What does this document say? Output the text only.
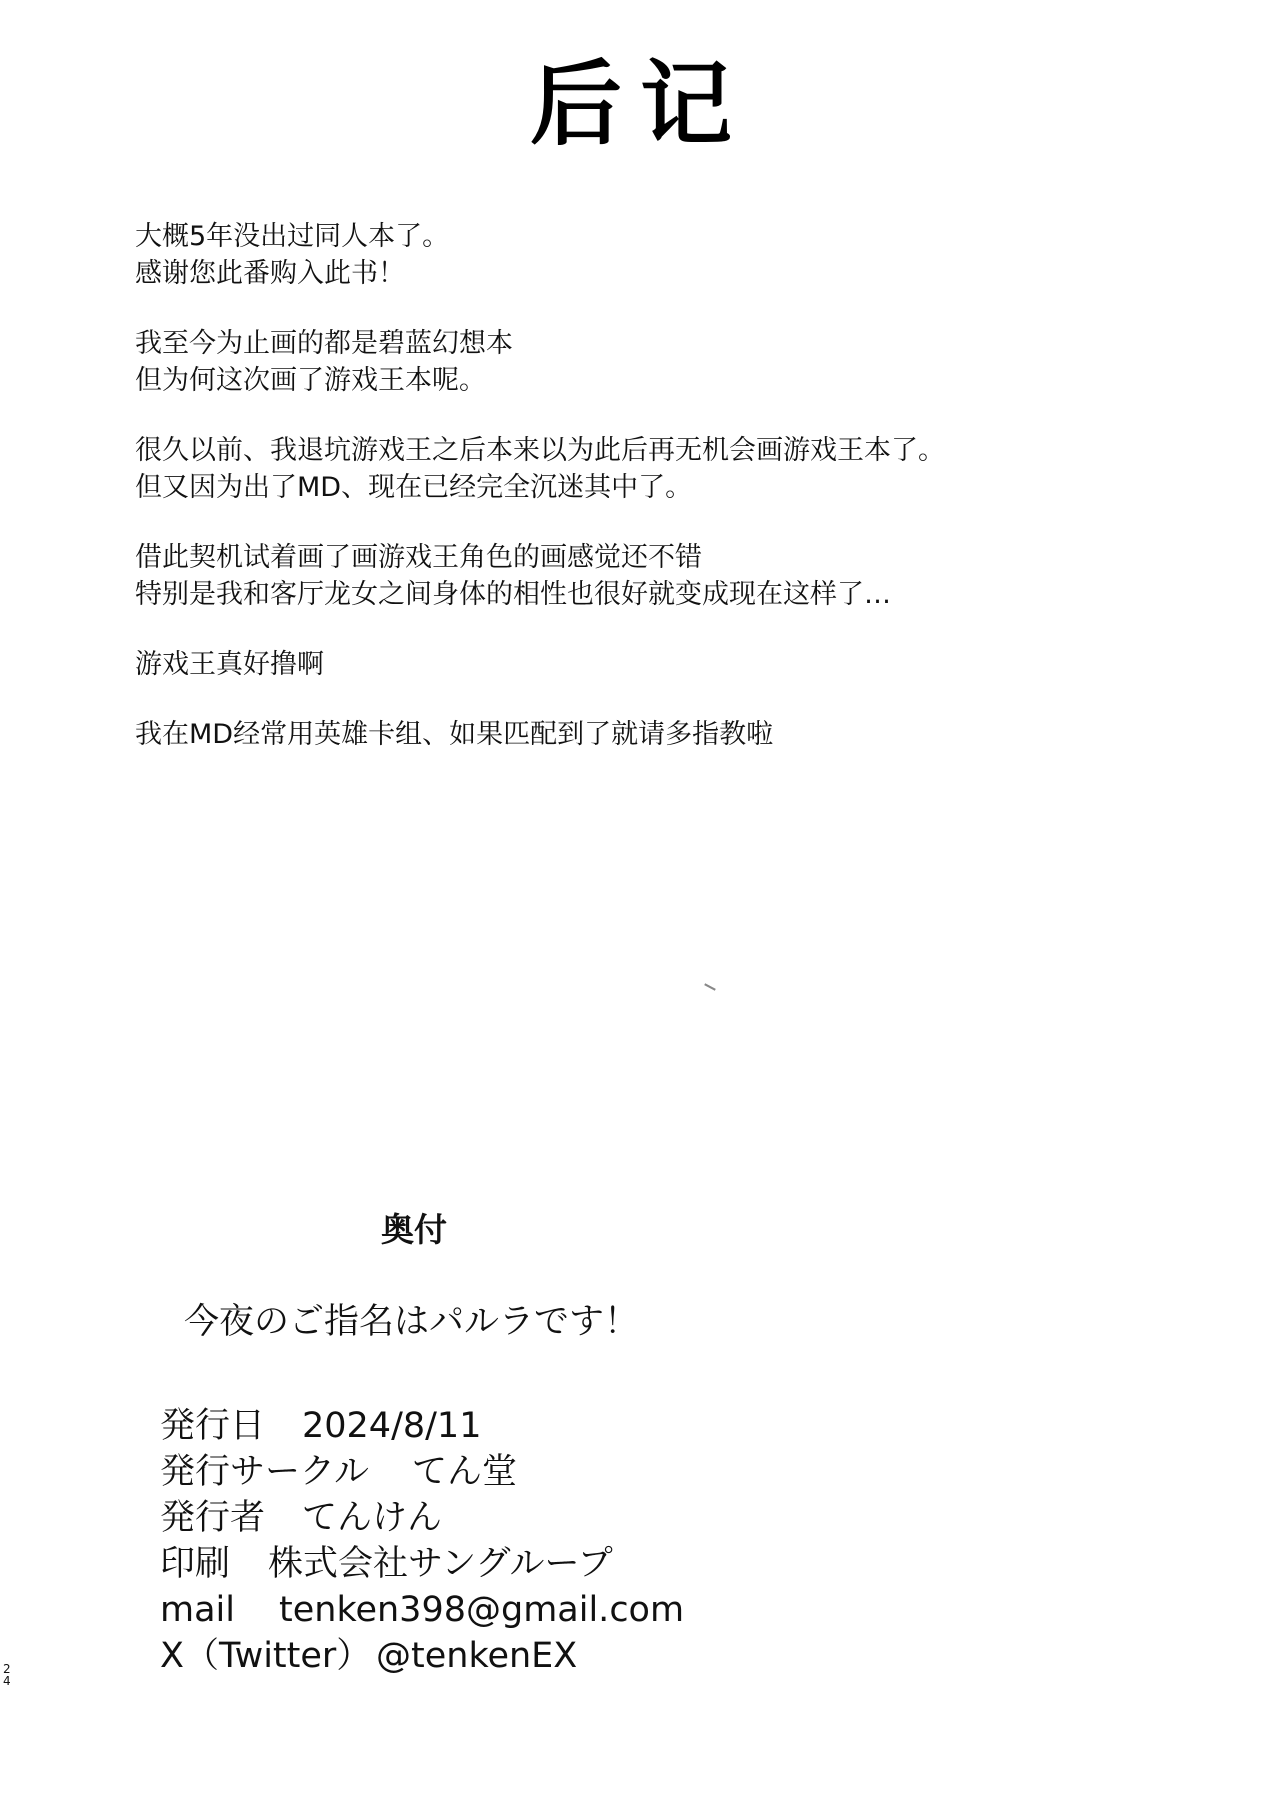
后记
大概5年没出过同人本了。
感谢您此番购入此书！
我至今为止画的都是碧蓝幻想本
但为何这次画了游戏王本呢。
很久以前、我退坑游戏王之后本来以为此后再无机会画游戏王本了。
但又因为出了MD、现在已经完全沉迷其中了。
借此契机试着画了画游戏王角色的画感觉还不错
特别是我和客厅龙女之间身体的相性也很好就变成现在这样了…
游戏王真好撸啊
我在MD经常用英雄卡组、如果匹配到了就请多指教啦
奥付
今夜のご指名はパルラです！
発行日 2024/8/11
発行サークル てん堂
発行者 てんけん
印刷 株式会社サングループ
mail tenken398@gmail.com
X（Twitter） @tenkenEX
2
4
